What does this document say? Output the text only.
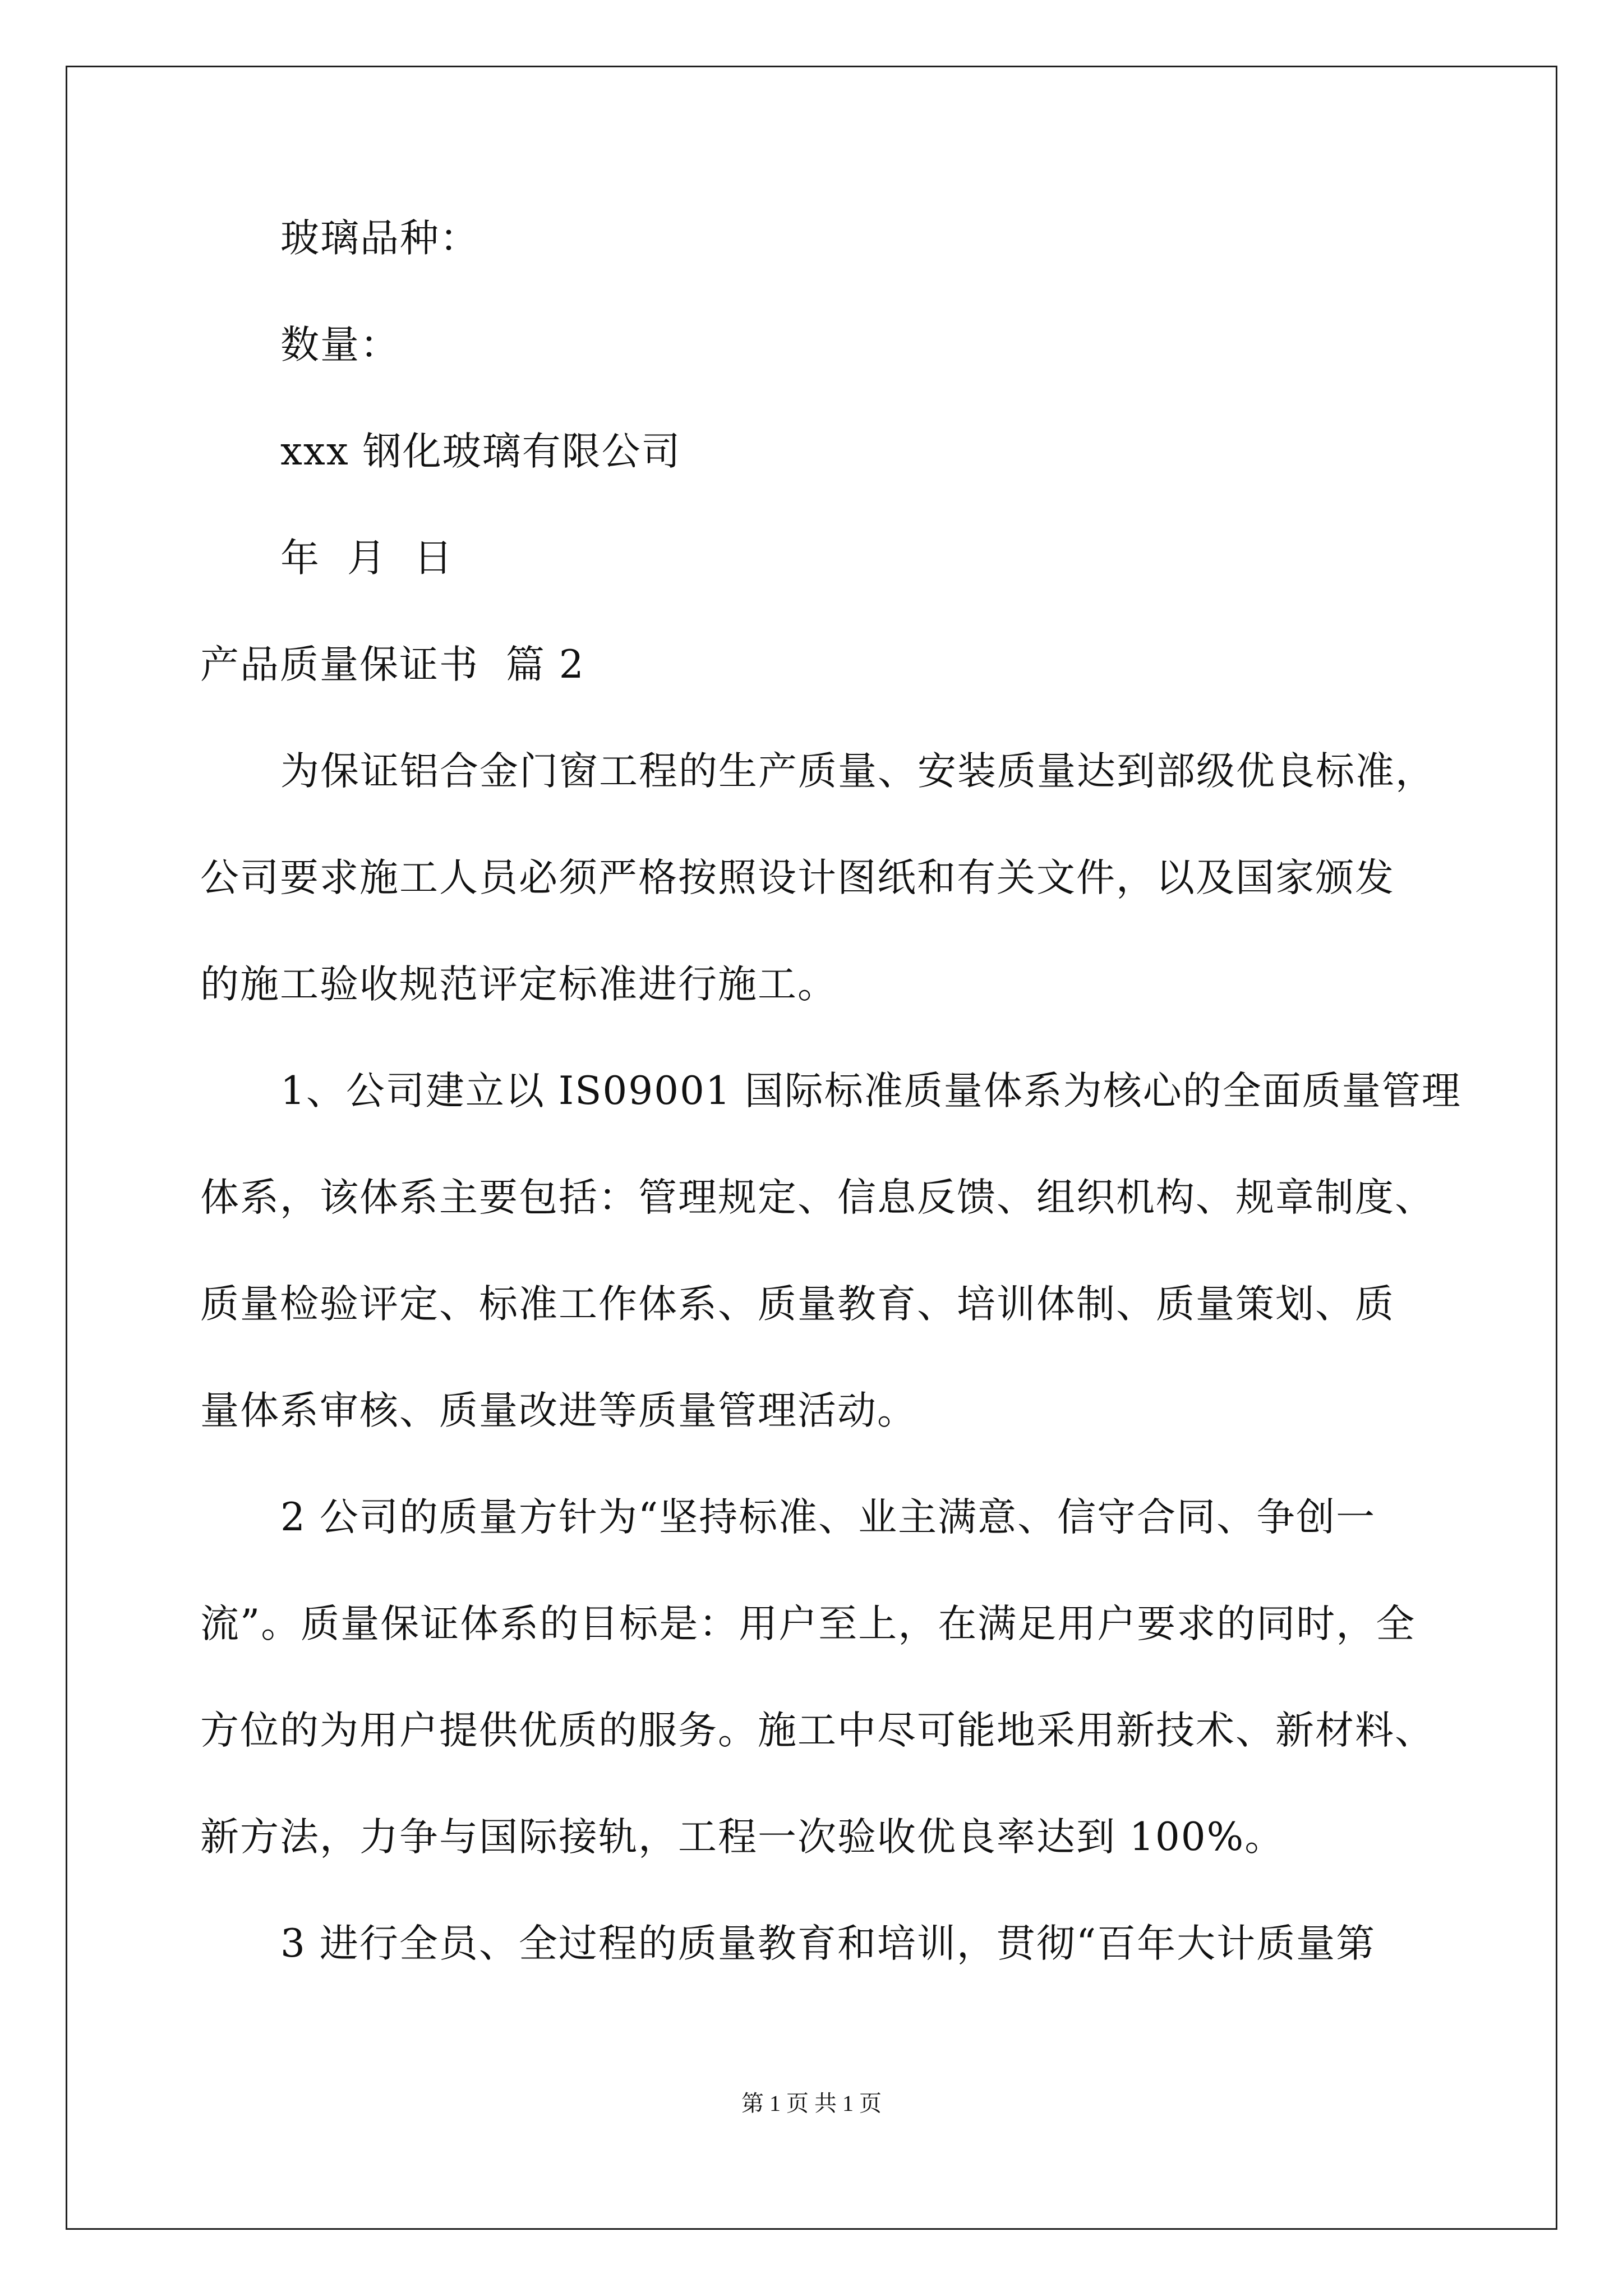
玻璃品种：
数量：
xxx 钢化玻璃有限公司
年  月  日
产品质量保证书  篇 2
为保证铝合金门窗工程的生产质量、安装质量达到部级优良标准，
公司要求施工人员必须严格按照设计图纸和有关文件，以及国家颁发
的施工验收规范评定标准进行施工。
1、公司建立以 IS09001 国际标准质量体系为核心的全面质量管理
体系，该体系主要包括：管理规定、信息反馈、组织机构、规章制度、
质量检验评定、标准工作体系、质量教育、培训体制、质量策划、质
量体系审核、质量改进等质量管理活动。
2 公司的质量方针为“坚持标准、业主满意、信守合同、争创一
流”。质量保证体系的目标是：用户至上，在满足用户要求的同时，全
方位的为用户提供优质的服务。施工中尽可能地采用新技术、新材料、
新方法，力争与国际接轨，工程一次验收优良率达到 100%。
3 进行全员、全过程的质量教育和培训，贯彻“百年大计质量第
第 1 页 共 1 页
